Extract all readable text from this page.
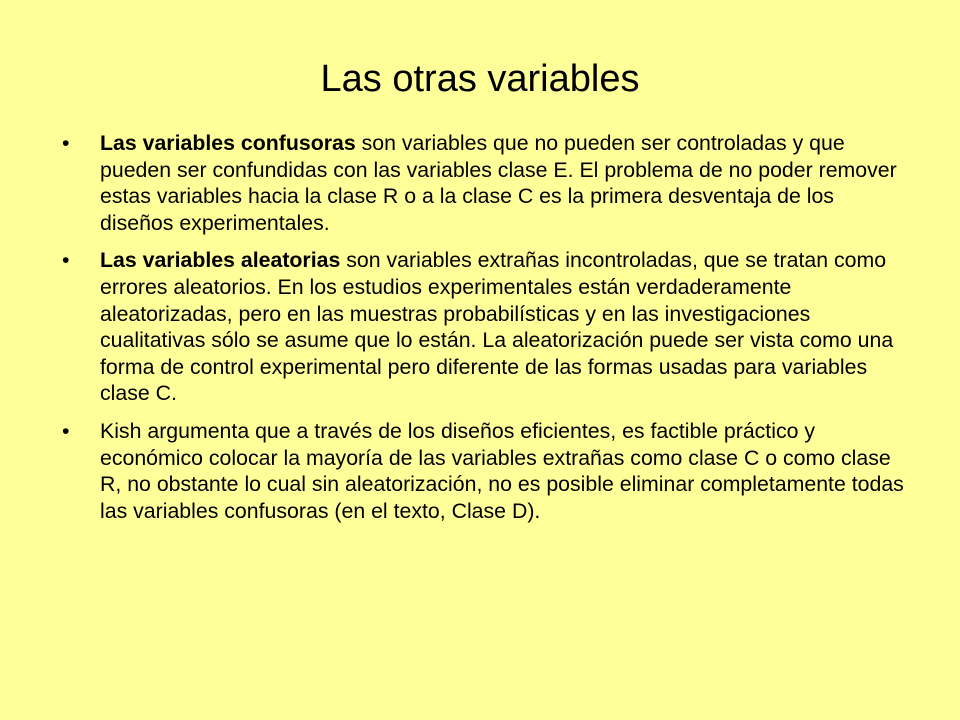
Las otras variables
• Las variables confusoras son variables que no pueden ser controladas y que pueden ser confundidas con las variables clase E. El problema de no poder remover estas variables hacia la clase R o a la clase C es la primera desventaja de los diseños experimentales.
• Las variables aleatorias son variables extrañas incontroladas, que se tratan como errores aleatorios. En los estudios experimentales están verdaderamente aleatorizadas, pero en las muestras probabilísticas y en las investigaciones cualitativas sólo se asume que lo están. La aleatorización puede ser vista como una forma de control experimental pero diferente de las formas usadas para variables clase C.
• Kish argumenta que a través de los diseños eficientes, es factible práctico y económico colocar la mayoría de las variables extrañas como clase C o como clase R, no obstante lo cual sin aleatorización, no es posible eliminar completamente todas las variables confusoras (en el texto, Clase D).
